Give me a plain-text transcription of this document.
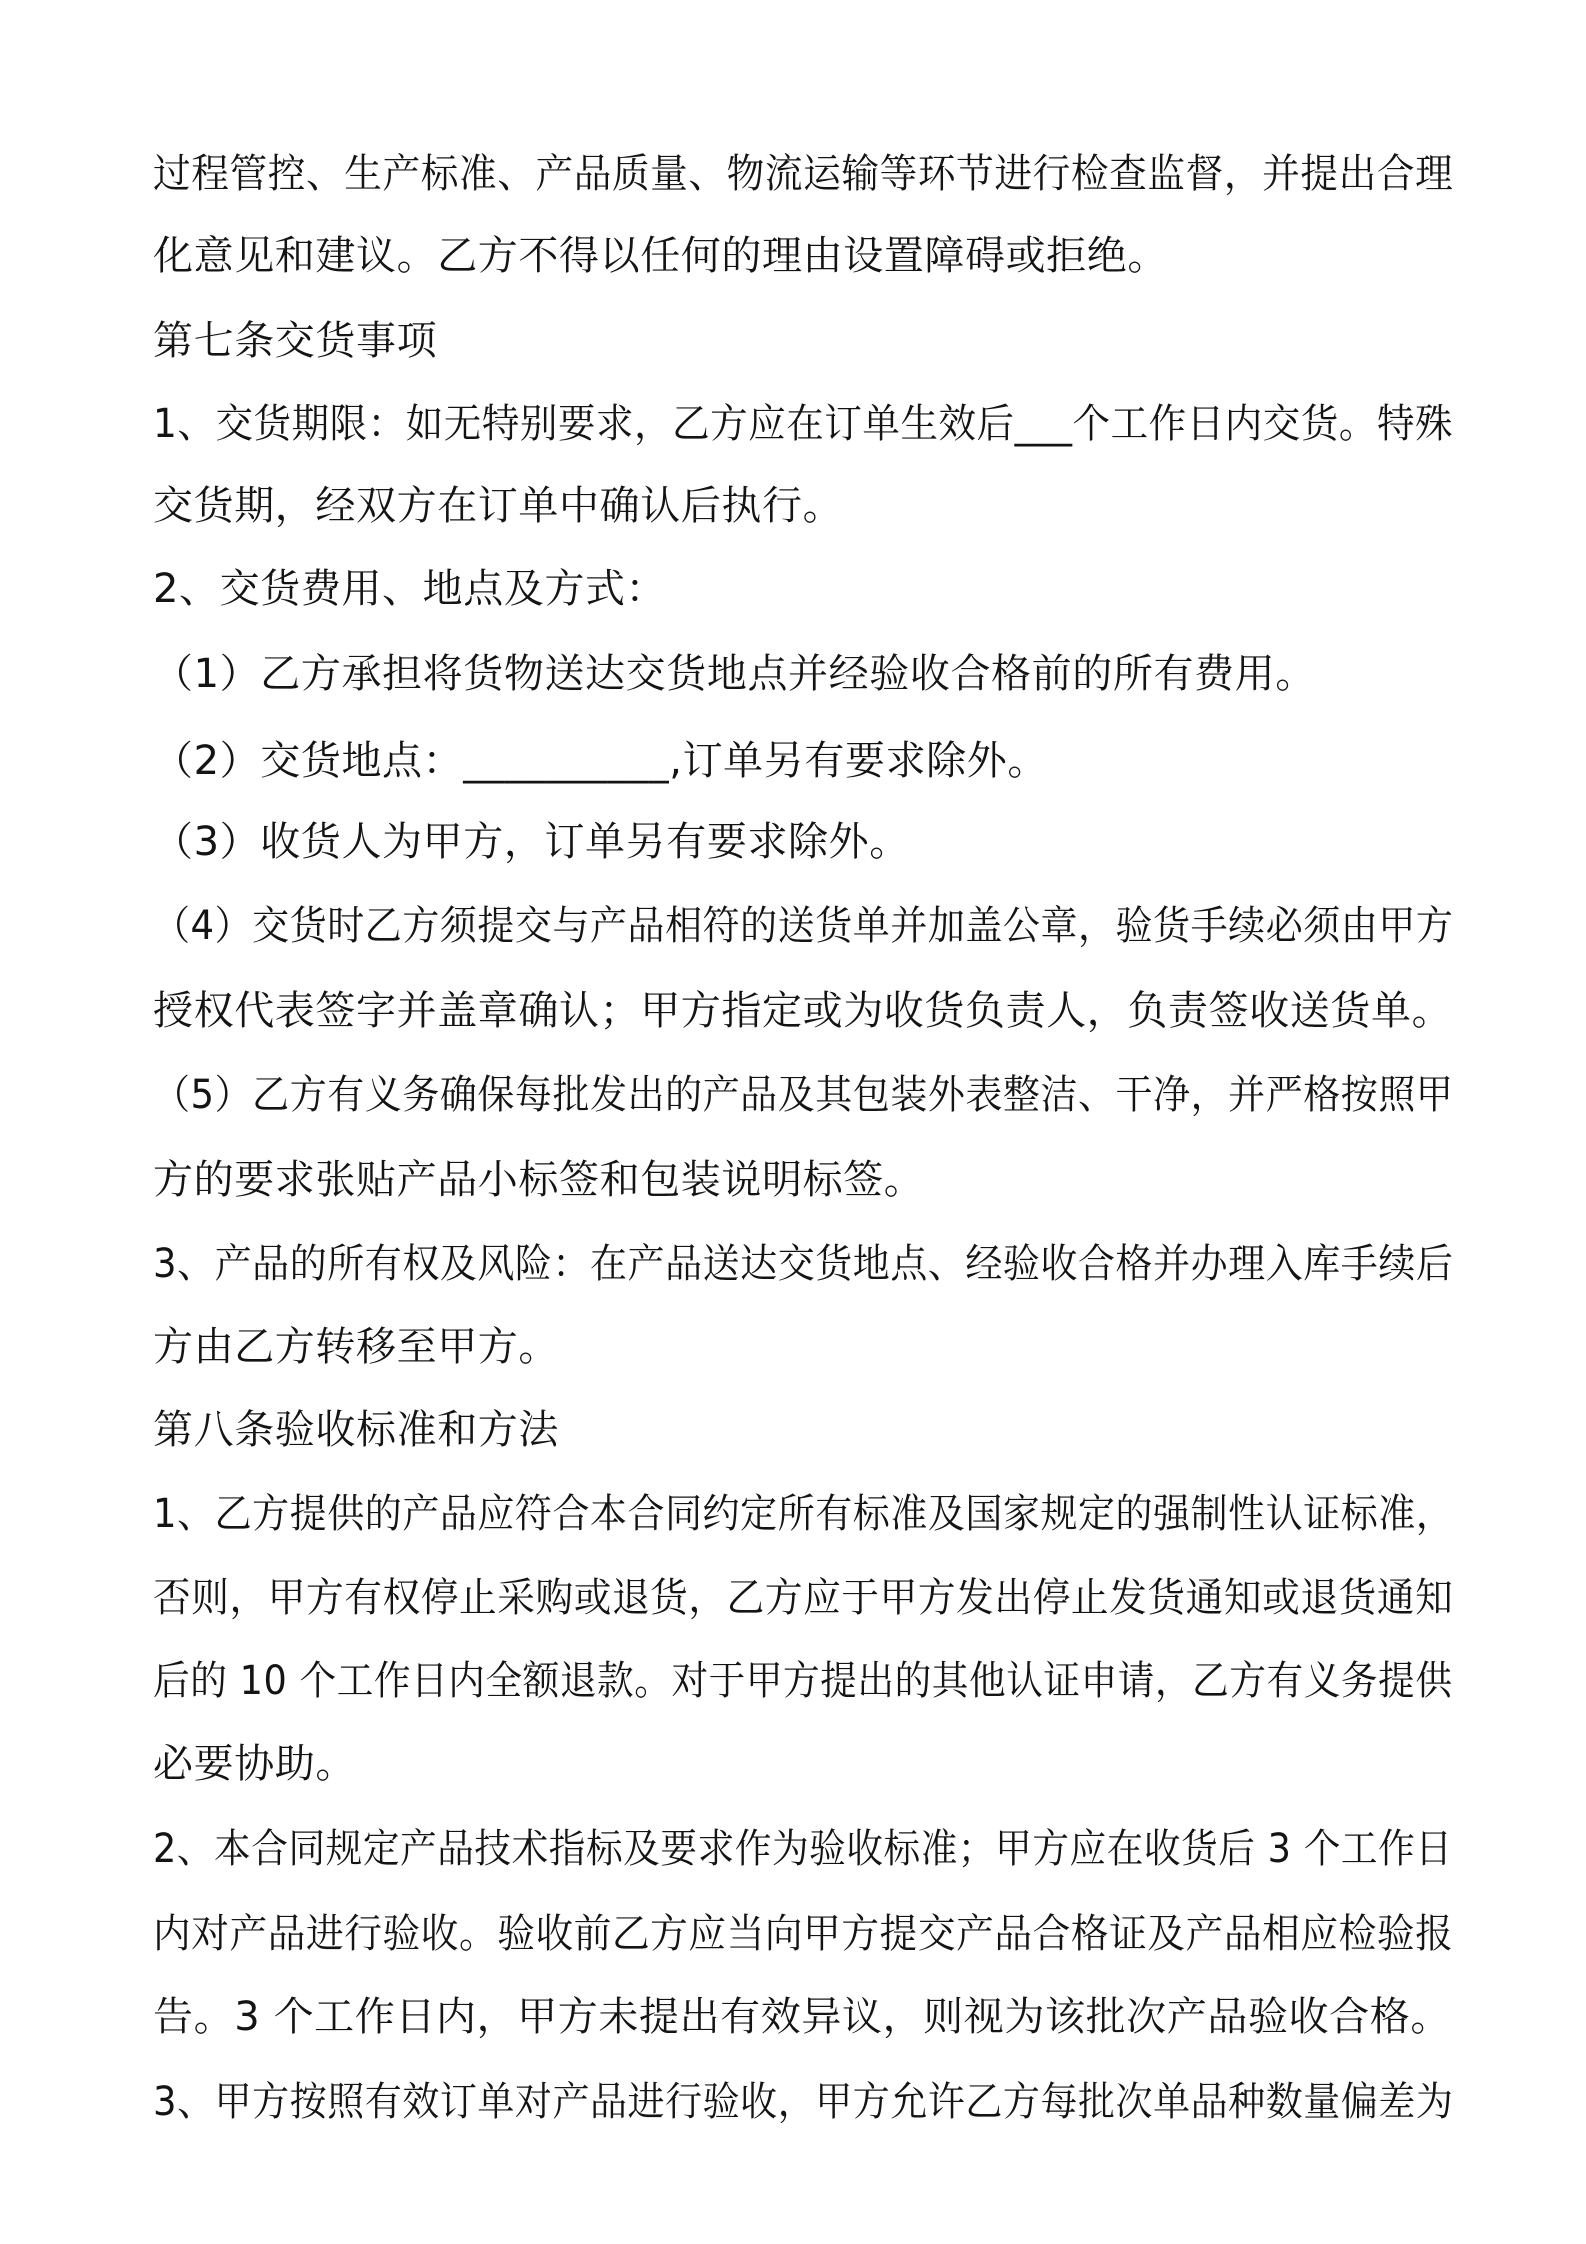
过程管控、生产标准、产品质量、物流运输等环节进行检查监督，并提出合理
化意见和建议。乙方不得以任何的理由设置障碍或拒绝。
第七条交货事项
1、交货期限：如无特别要求，乙方应在订单生效后___个工作日内交货。特殊
交货期，经双方在订单中确认后执行。
2、交货费用、地点及方式：
（1）乙方承担将货物送达交货地点并经验收合格前的所有费用。
（2）交货地点：__________,订单另有要求除外。
（3）收货人为甲方，订单另有要求除外。
（4）交货时乙方须提交与产品相符的送货单并加盖公章，验货手续必须由甲方
授权代表签字并盖章确认；甲方指定或为收货负责人，负责签收送货单。
（5）乙方有义务确保每批发出的产品及其包装外表整洁、干净，并严格按照甲
方的要求张贴产品小标签和包装说明标签。
3、产品的所有权及风险：在产品送达交货地点、经验收合格并办理入库手续后
方由乙方转移至甲方。
第八条验收标准和方法
1、乙方提供的产品应符合本合同约定所有标准及国家规定的强制性认证标准，
否则，甲方有权停止采购或退货，乙方应于甲方发出停止发货通知或退货通知
后的 10 个工作日内全额退款。对于甲方提出的其他认证申请，乙方有义务提供
必要协助。
2、本合同规定产品技术指标及要求作为验收标准；甲方应在收货后 3 个工作日
内对产品进行验收。验收前乙方应当向甲方提交产品合格证及产品相应检验报
告。3 个工作日内，甲方未提出有效异议，则视为该批次产品验收合格。
3、甲方按照有效订单对产品进行验收，甲方允许乙方每批次单品种数量偏差为
